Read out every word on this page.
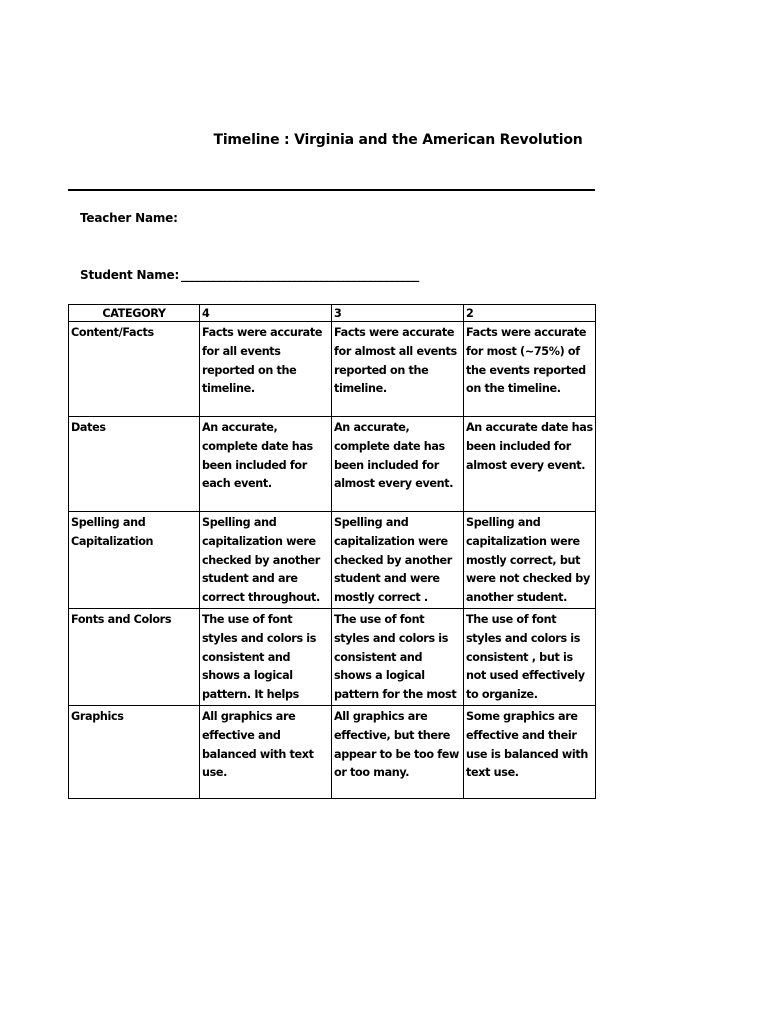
Timeline : Virginia and the American Revolution
Teacher Name:
Student Name: ____________________________________________
CATEGORY	4	3	2
Content/Facts	Facts were accurate for all events reported on the timeline.	Facts were accurate for almost all events reported on the timeline.	Facts were accurate for most (~75%) of the events reported on the timeline.

Dates	An accurate, complete date has been included for each event.	An accurate, complete date has been included for almost every event.	An accurate date has been included for almost every event.

Spelling and Capitalization	Spelling and capitalization were checked by another student and are correct throughout.	Spelling and capitalization were checked by another student and were mostly correct .	Spelling and capitalization were mostly correct, but were not checked by another student.

Fonts and Colors	The use of font styles and colors is consistent and shows a logical pattern. It helps	The use of font styles and colors is consistent and shows a logical pattern for the most	The use of font styles and colors is consistent , but is not used effectively to organize.

Graphics	All graphics are effective and balanced with text use.	All graphics are effective, but there appear to be too few or too many.	Some graphics are effective and their use is balanced with text use.
